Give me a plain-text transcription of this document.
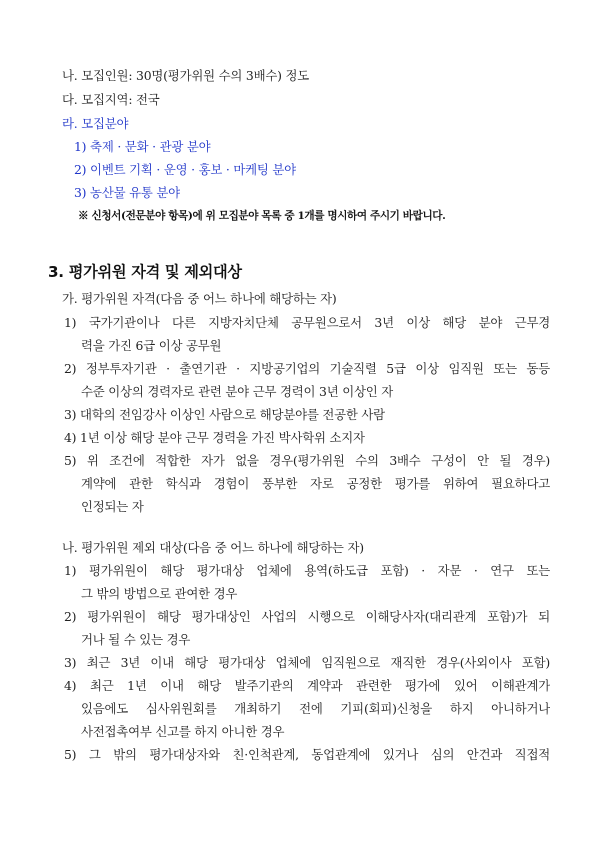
나. 모집인원: 30명(평가위원 수의 3배수) 정도
다. 모집지역: 전국
라. 모집분야
1) 축제 · 문화 · 관광 분야
2) 이벤트 기획 · 운영 · 홍보 · 마케팅 분야
3) 농산물 유통 분야
※ 신청서(전문분야 항목)에 위 모집분야 목록 중 1개를 명시하여 주시기 바랍니다.
3. 평가위원 자격 및 제외대상
가. 평가위원 자격(다음 중 어느 하나에 해당하는 자)
1) 국가기관이나 다른 지방자치단체 공무원으로서 3년 이상 해당 분야 근무경
력을 가진 6급 이상 공무원
2) 정부투자기관 · 출연기관 · 지방공기업의 기술직렬 5급 이상 임직원 또는 동등
수준 이상의 경력자로 관련 분야 근무 경력이 3년 이상인 자
3) 대학의 전임강사 이상인 사람으로 해당분야를 전공한 사람
4) 1년 이상 해당 분야 근무 경력을 가진 박사학위 소지자
5) 위 조건에 적합한 자가 없을 경우(평가위원 수의 3배수 구성이 안 될 경우)
계약에 관한 학식과 경험이 풍부한 자로 공정한 평가를 위하여 필요하다고
인정되는 자
나. 평가위원 제외 대상(다음 중 어느 하나에 해당하는 자)
1) 평가위원이 해당 평가대상 업체에 용역(하도급 포함) · 자문 · 연구 또는
그 밖의 방법으로 관여한 경우
2) 평가위원이 해당 평가대상인 사업의 시행으로 이해당사자(대리관계 포함)가 되
거나 될 수 있는 경우
3) 최근 3년 이내 해당 평가대상 업체에 임직원으로 재직한 경우(사외이사 포함)
4) 최근 1년 이내 해당 발주기관의 계약과 관련한 평가에 있어 이해관계가
있음에도 심사위원회를 개최하기 전에 기피(회피)신청을 하지 아니하거나
사전접촉여부 신고를 하지 아니한 경우
5) 그 밖의 평가대상자와 친·인척관계, 동업관계에 있거나 심의 안건과 직접적
